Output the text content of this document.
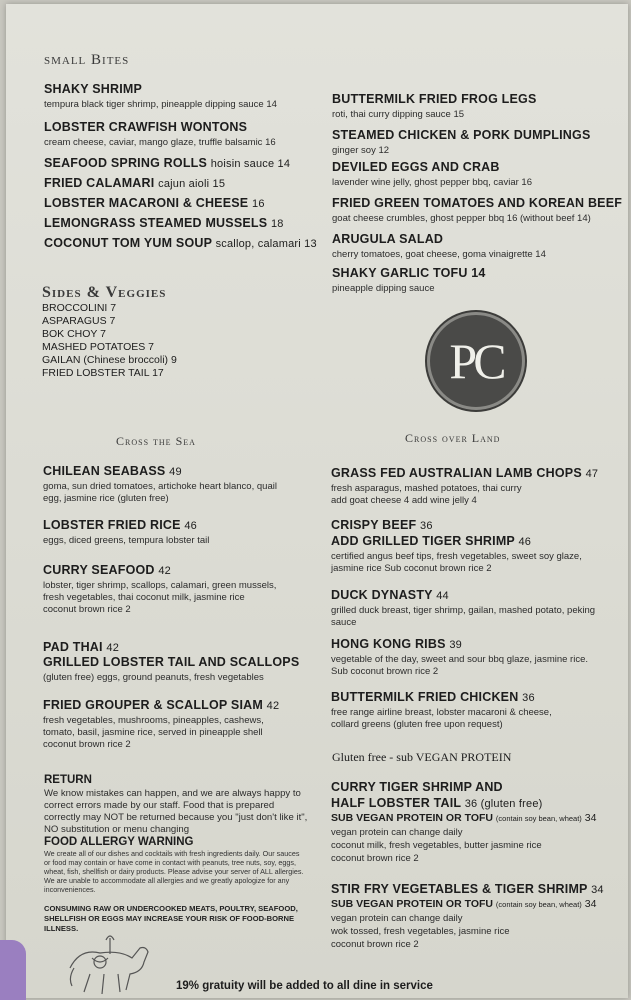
small Bites
SHAKY SHRIMP
tempura black tiger shrimp, pineapple dipping sauce 14
LOBSTER CRAWFISH WONTONS
cream cheese, caviar, mango glaze, truffle balsamic 16
SEAFOOD SPRING ROLLS hoisin sauce 14
FRIED CALAMARI cajun aioli 15
LOBSTER MACARONI & CHEESE 16
LEMONGRASS STEAMED MUSSELS 18
COCONUT TOM YUM SOUP scallop, calamari 13
BUTTERMILK FRIED FROG LEGS
roti, thai curry dipping sauce 15
STEAMED CHICKEN & PORK DUMPLINGS
ginger soy 12
DEVILED EGGS AND CRAB
lavender wine jelly, ghost pepper bbq, caviar 16
FRIED GREEN TOMATOES AND KOREAN BEEF
goat cheese crumbles, ghost pepper bbq 16 (without beef 14)
ARUGULA SALAD
cherry tomatoes, goat cheese, goma vinaigrette 14
SHAKY GARLIC TOFU 14
pineapple dipping sauce
Sides & Veggies
BROCCOLINI 7
ASPARAGUS 7
BOK CHOY 7
MASHED POTATOES 7
GAILAN (Chinese broccoli) 9
FRIED LOBSTER TAIL 17	PC
Cross the Sea	Cross over Land
CHILEAN SEABASS 49
goma, sun dried tomatoes, artichoke heart blanco, quail
egg, jasmine rice (gluten free)
LOBSTER FRIED RICE 46
eggs, diced greens, tempura lobster tail
CURRY SEAFOOD 42
lobster, tiger shrimp, scallops, calamari, green mussels,
fresh vegetables, thai coconut milk, jasmine rice
coconut brown rice 2
PAD THAI 42
GRILLED LOBSTER TAIL AND SCALLOPS
(gluten free) eggs, ground peanuts, fresh vegetables
FRIED GROUPER & SCALLOP SIAM 42
fresh vegetables, mushrooms, pineapples, cashews,
tomato, basil, jasmine rice, served in pineapple shell
coconut brown rice 2
GRASS FED AUSTRALIAN LAMB CHOPS 47
fresh asparagus, mashed potatoes, thai curry
add goat cheese 4 add wine jelly 4
CRISPY BEEF 36
ADD GRILLED TIGER SHRIMP 46
certified angus beef tips, fresh vegetables, sweet soy glaze,
jasmine rice Sub coconut brown rice 2
DUCK DYNASTY 44
grilled duck breast, tiger shrimp, gailan, mashed potato, peking
sauce
HONG KONG RIBS 39
vegetable of the day, sweet and sour bbq glaze, jasmine rice.
Sub coconut brown rice 2
BUTTERMILK FRIED CHICKEN 36
free range airline breast, lobster macaroni & cheese,
collard greens (gluten free upon request)
Gluten free - sub VEGAN PROTEIN
CURRY TIGER SHRIMP AND
HALF LOBSTER TAIL 36 (gluten free)
SUB VEGAN PROTEIN OR TOFU (contain soy bean, wheat) 34
vegan protein can change daily
coconut milk, fresh vegetables, butter jasmine rice
coconut brown rice 2
STIR FRY VEGETABLES & TIGER SHRIMP 34
SUB VEGAN PROTEIN OR TOFU (contain soy bean, wheat) 34
vegan protein can change daily
wok tossed, fresh vegetables, jasmine rice
coconut brown rice 2
RETURN
We know mistakes can happen, and we are always happy to
correct errors made by our staff. Food that is prepared
correctly may NOT be returned because you "just don't like it",
NO substitution or menu changing
FOOD ALLERGY WARNING
We create all of our dishes and cocktails with fresh ingredients daily. Our sauces
or food may contain or have come in contact with peanuts, tree nuts, soy, eggs,
wheat, fish, shellfish or dairy products. Please advise your server of ALL allergies.
We are unable to accommodate all allergies and we greatly apologize for any
inconveniences.
CONSUMING RAW OR UNDERCOOKED MEATS, POULTRY, SEAFOOD,
SHELLFISH OR EGGS MAY INCREASE YOUR RISK OF FOOD-BORNE
ILLNESS.
19% gratuity will be added to all dine in service
